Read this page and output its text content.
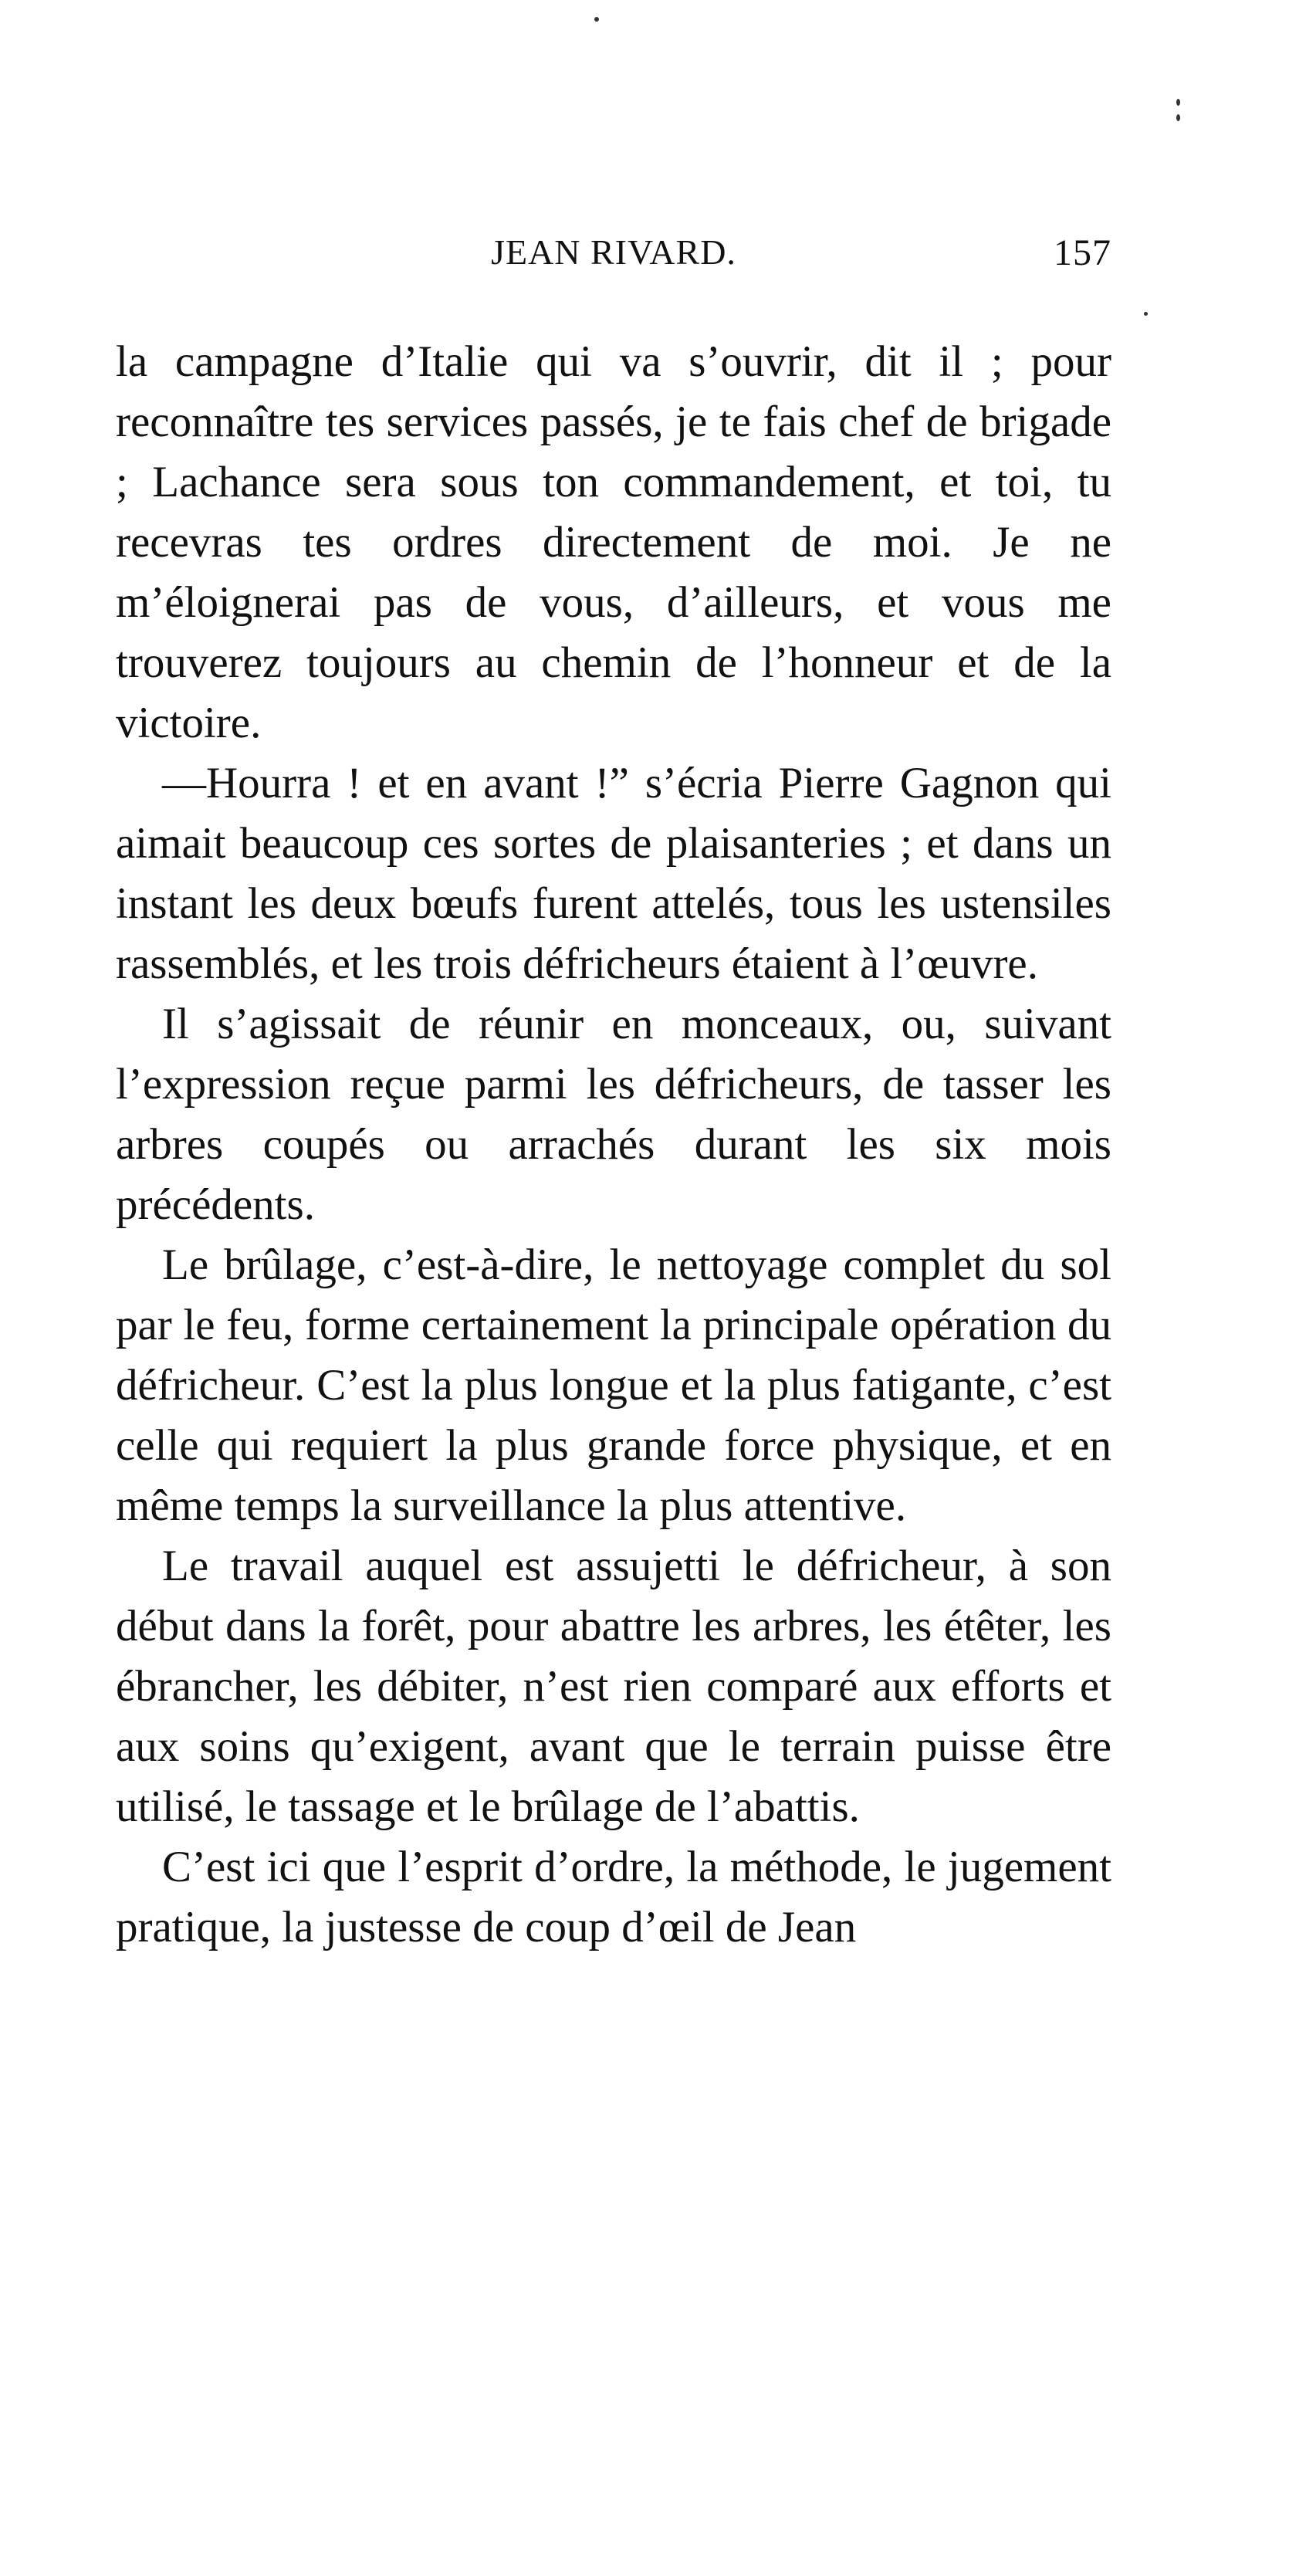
JEAN RIVARD.	157

la campagne d’Italie qui va s’ouvrir, dit il ; pour reconnaître tes services passés, je te fais chef de brigade ; Lachance sera sous ton commandement, et toi, tu recevras tes ordres directement de moi. Je ne m’éloignerai pas de vous, d’ailleurs, et vous me trouverez toujours au chemin de l’honneur et de la victoire.

—Hourra ! et en avant !” s’écria Pierre Gagnon qui aimait beaucoup ces sortes de plaisanteries ; et dans un instant les deux bœufs furent attelés, tous les ustensiles rassemblés, et les trois défricheurs étaient à l’œuvre.

Il s’agissait de réunir en monceaux, ou, suivant l’expression reçue parmi les défricheurs, de tasser les arbres coupés ou arrachés durant les six mois précédents.

Le brûlage, c’est-à-dire, le nettoyage complet du sol par le feu, forme certainement la principale opération du défricheur. C’est la plus longue et la plus fatigante, c’est celle qui requiert la plus grande force physique, et en même temps la surveillance la plus attentive.

Le travail auquel est assujetti le défricheur, à son début dans la forêt, pour abattre les arbres, les étêter, les ébrancher, les débiter, n’est rien comparé aux efforts et aux soins qu’exigent, avant que le terrain puisse être utilisé, le tassage et le brûlage de l’abattis.

C’est ici que l’esprit d’ordre, la méthode, le jugement pratique, la justesse de coup d’œil de Jean
